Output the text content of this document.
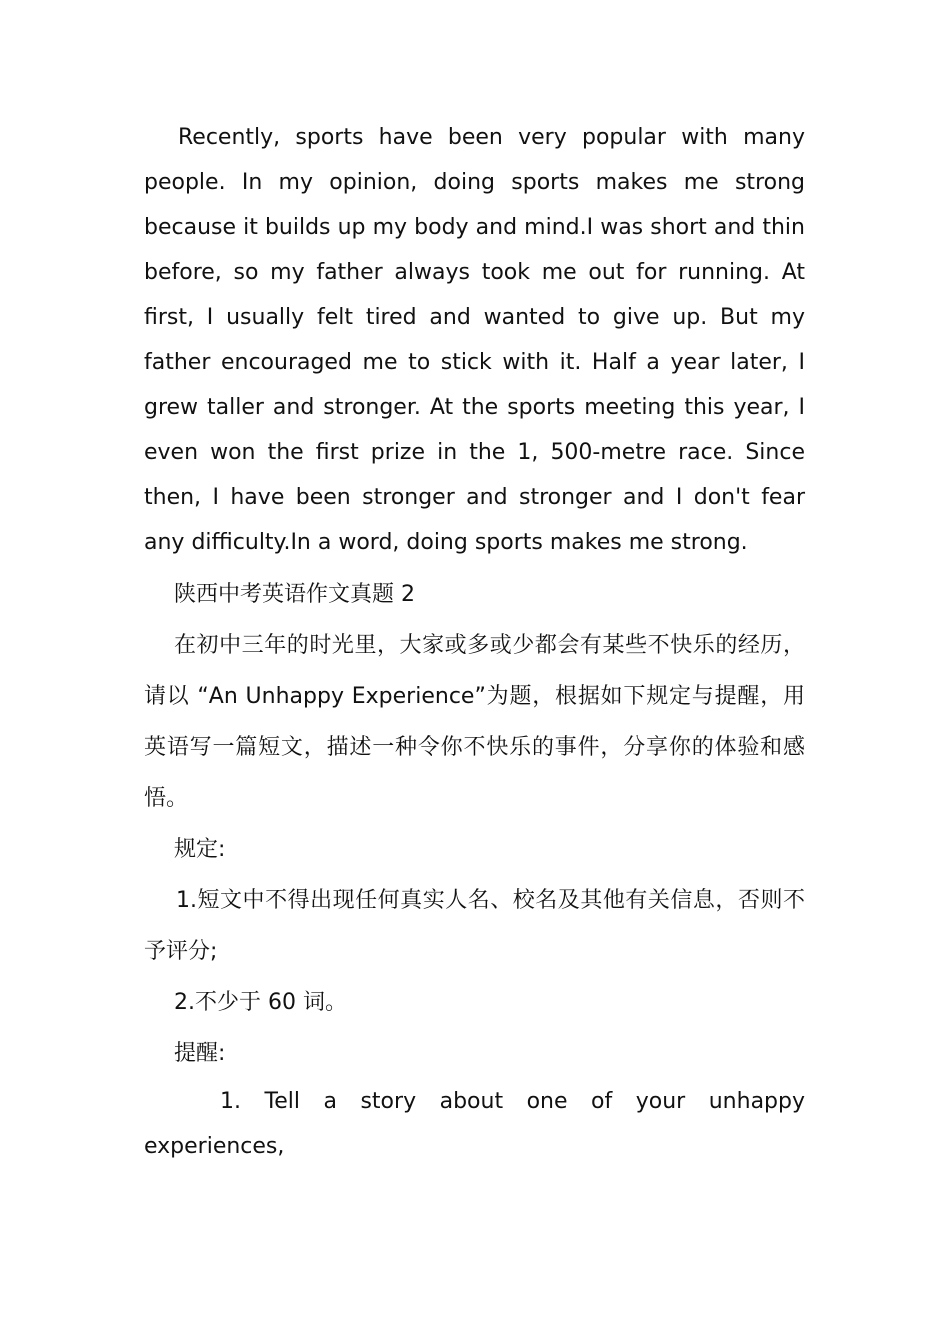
Recently, sports have been very popular with many people. In my opinion, doing sports makes me strong because it builds up my body and mind.I was short and thin before, so my father always took me out for running. At first, I usually felt tired and wanted to give up. But my father encouraged me to stick with it. Half a year later, I grew taller and stronger. At the sports meeting this year, I even won the first prize in the 1, 500-metre race. Since then, I have been stronger and stronger and I don't fear any difficulty.In a word, doing sports makes me strong.

陕西中考英语作文真题 2

在初中三年的时光里，大家或多或少都会有某些不快乐的经历，请以 “An Unhappy Experience”为题，根据如下规定与提醒，用英语写一篇短文，描述一种令你不快乐的事件，分享你的体验和感悟。

规定:

1.短文中不得出现任何真实人名、校名及其他有关信息，否则不予评分;

2.不少于 60 词。

提醒:

1. Tell a story about one of your unhappy experiences,
